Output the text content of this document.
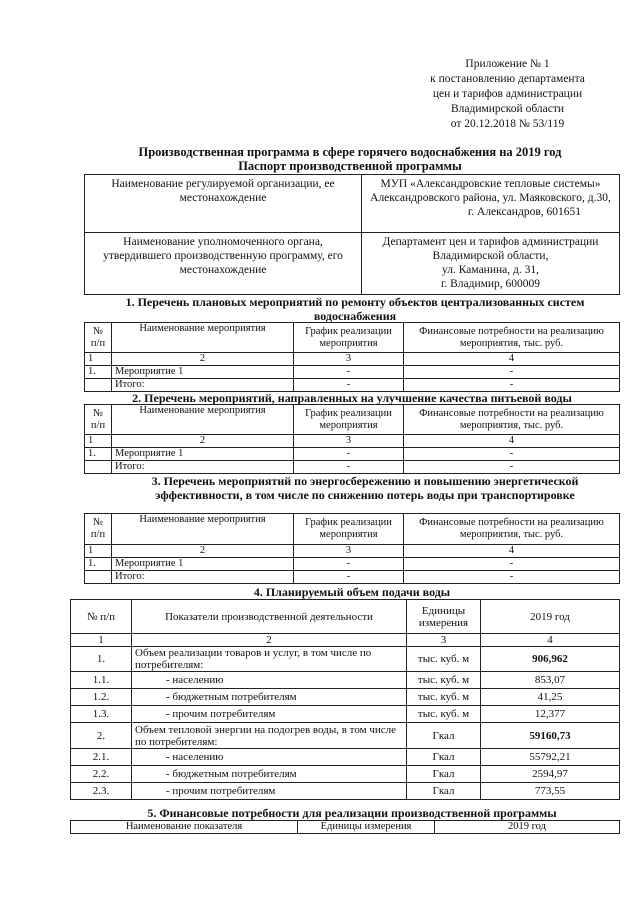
Приложение № 1
к постановлению департамента
цен и тарифов администрации
Владимирской области
от 20.12.2018 № 53/119
Производственная программа в сфере горячего водоснабжения на 2019 год
Паспорт производственной программы
Наименование регулируемой организации, ее местонахождение	МУП «Александровские тепловые системы»
Александровского района, ул. Маяковского, д.30,
г. Александров, 601651

Наименование уполномоченного органа, утвердившего производственную программу, его местонахождение	Департамент цен и тарифов администрации
Владимирской области,
ул. Каманина, д. 31,
г. Владимир, 600009
1. Перечень плановых мероприятий по ремонту объектов централизованных систем водоснабжения
№ п/п	Наименование мероприятия	График реализации мероприятия	Финансовые потребности на реализацию мероприятия, тыс. руб.
1	2	3	4
1.	Мероприятие 1	-	-
	Итого:	-	-
2. Перечень мероприятий, направленных на улучшение качества питьевой воды
№ п/п	Наименование мероприятия	График реализации мероприятия	Финансовые потребности на реализацию мероприятия, тыс. руб.
1	2	3	4
1.	Мероприятие 1	-	-
	Итого:	-	-
3. Перечень мероприятий по энергосбережению и повышению энергетической эффективности, в том числе по снижению потерь воды при транспортировке
№ п/п	Наименование мероприятия	График реализации мероприятия	Финансовые потребности на реализацию мероприятия, тыс. руб.
1	2	3	4
1.	Мероприятие 1	-	-
	Итого:	-	-
4. Планируемый объем подачи воды
№ п/п	Показатели производственной деятельности	Единицы измерения	2019 год
1	2	3	4
1.	Объем реализации товаров и услуг, в том числе по потребителям:	тыс. куб. м	906,962
1.1.	- населению	тыс. куб. м	853,07
1.2.	- бюджетным потребителям	тыс. куб. м	41,25
1.3.	- прочим потребителям	тыс. куб. м	12,377
2.	Объем тепловой энергии на подогрев воды, в том числе по потребителям:	Гкал	59160,73
2.1.	- населению	Гкал	55792,21
2.2.	- бюджетным потребителям	Гкал	2594,97
2.3.	- прочим потребителям	Гкал	773,55
5. Финансовые потребности для реализации производственной программы
Наименование показателя	Единицы измерения	2019 год
